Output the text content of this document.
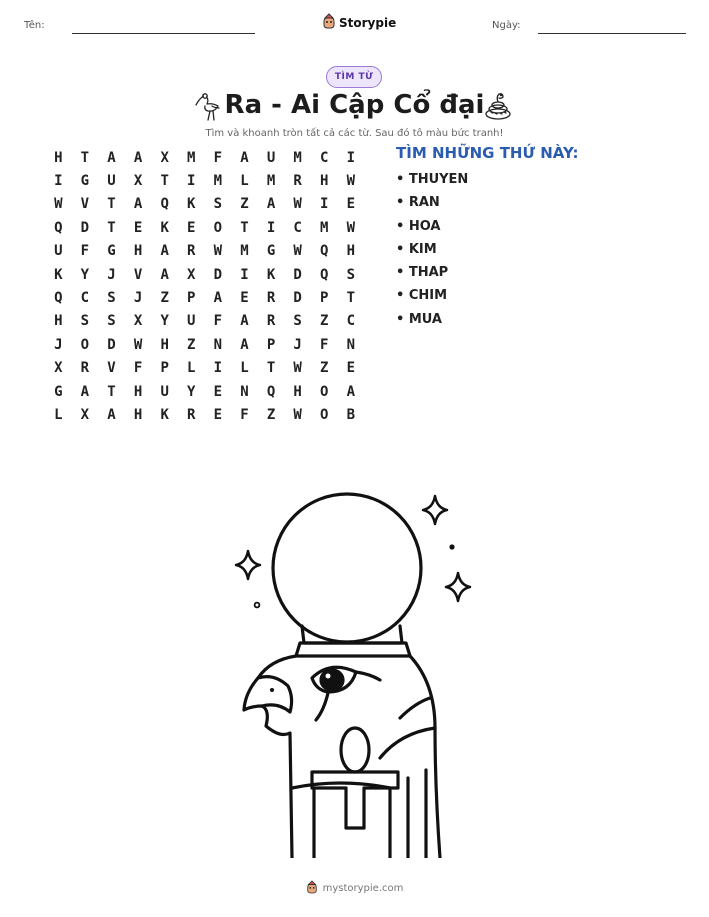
Tên:	Storypie	Ngày:
TÌM TỪ
Ra - Ai Cập Cổ đại
Tìm và khoanh tròn tất cả các từ. Sau đó tô màu bức tranh!
H	T	A	A	X	M	F	A	U	M	C	I
I	G	U	X	T	I	M	L	M	R	H	W
W	V	T	A	Q	K	S	Z	A	W	I	E
Q	D	T	E	K	E	O	T	I	C	M	W
U	F	G	H	A	R	W	M	G	W	Q	H
K	Y	J	V	A	X	D	I	K	D	Q	S
Q	C	S	J	Z	P	A	E	R	D	P	T
H	S	S	X	Y	U	F	A	R	S	Z	C
J	O	D	W	H	Z	N	A	P	J	F	N
X	R	V	F	P	L	I	L	T	W	Z	E
G	A	T	H	U	Y	E	N	Q	H	O	A
L	X	A	H	K	R	E	F	Z	W	O	B
TÌM NHỮNG THỨ NÀY:
• THUYEN
• RAN
• HOA
• KIM
• THAP
• CHIM
• MUA
mystorypie.com
